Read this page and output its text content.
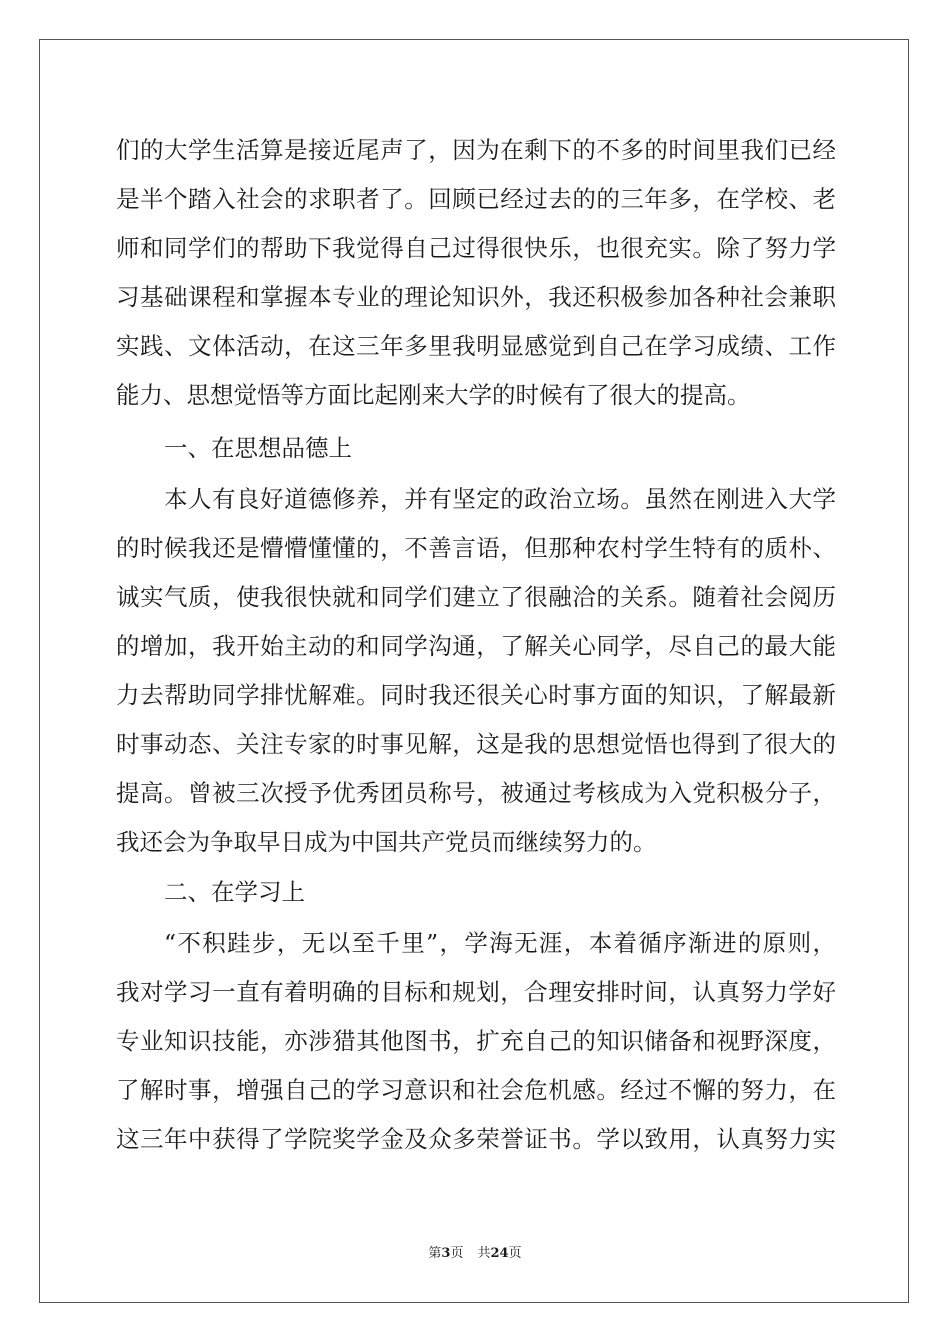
们的大学生活算是接近尾声了，因为在剩下的不多的时间里我们已经
是半个踏入社会的求职者了。回顾已经过去的的三年多，在学校、老
师和同学们的帮助下我觉得自己过得很快乐，也很充实。除了努力学
习基础课程和掌握本专业的理论知识外，我还积极参加各种社会兼职
实践、文体活动，在这三年多里我明显感觉到自己在学习成绩、工作
能力、思想觉悟等方面比起刚来大学的时候有了很大的提高。
一、在思想品德上
本人有良好道德修养，并有坚定的政治立场。虽然在刚进入大学
的时候我还是懵懵懂懂的，不善言语，但那种农村学生特有的质朴、
诚实气质，使我很快就和同学们建立了很融洽的关系。随着社会阅历
的增加，我开始主动的和同学沟通，了解关心同学，尽自己的最大能
力去帮助同学排忧解难。同时我还很关心时事方面的知识，了解最新
时事动态、关注专家的时事见解，这是我的思想觉悟也得到了很大的
提高。曾被三次授予优秀团员称号，被通过考核成为入党积极分子，
我还会为争取早日成为中国共产党员而继续努力的。
二、在学习上
“不积跬步，无以至千里”，学海无涯，本着循序渐进的原则，
我对学习一直有着明确的目标和规划，合理安排时间，认真努力学好
专业知识技能，亦涉猎其他图书，扩充自己的知识储备和视野深度，
了解时事，增强自己的学习意识和社会危机感。经过不懈的努力，在
这三年中获得了学院奖学金及众多荣誉证书。学以致用，认真努力实
第3页 共24页
